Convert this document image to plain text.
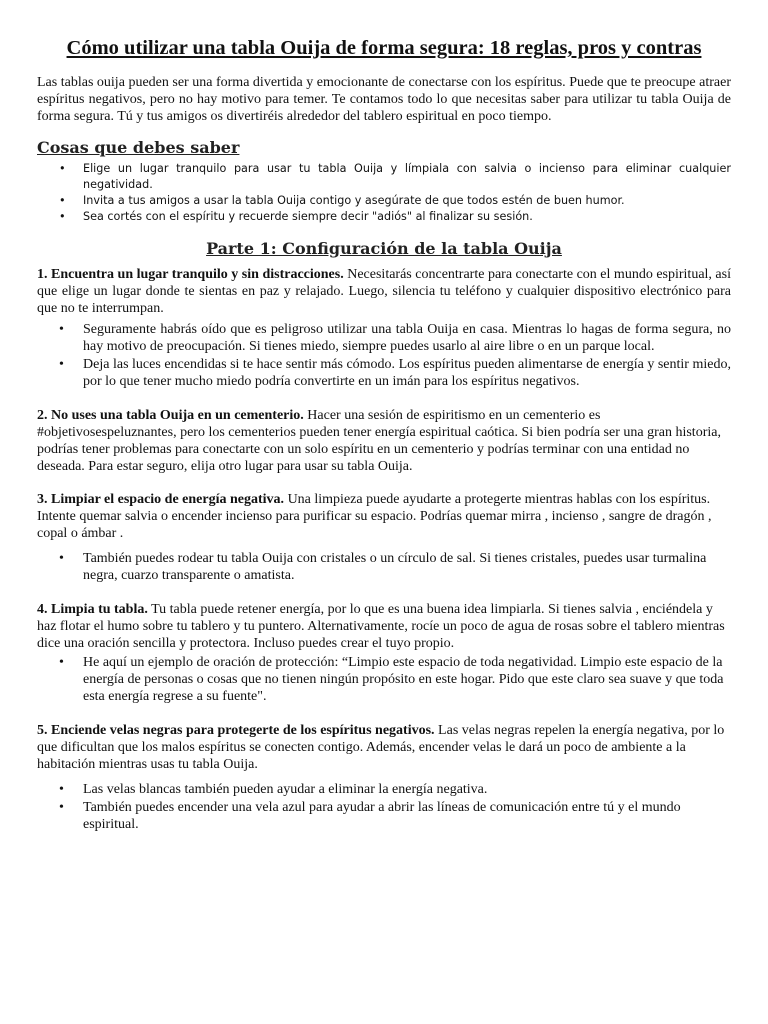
Cómo utilizar una tabla Ouija de forma segura: 18 reglas, pros y contras

Las tablas ouija pueden ser una forma divertida y emocionante de conectarse con los espíritus. Puede que te preocupe atraer espíritus negativos, pero no hay motivo para temer. Te contamos todo lo que necesitas saber para utilizar tu tabla Ouija de forma segura. Tú y tus amigos os divertiréis alrededor del tablero espiritual en poco tiempo.

Cosas que debes saber
• Elige un lugar tranquilo para usar tu tabla Ouija y límpiala con salvia o incienso para eliminar cualquier negatividad.
• Invita a tus amigos a usar la tabla Ouija contigo y asegúrate de que todos estén de buen humor.
• Sea cortés con el espíritu y recuerde siempre decir "adiós" al finalizar su sesión.
Parte 1: Configuración de la tabla Ouija

1. Encuentra un lugar tranquilo y sin distracciones. Necesitarás concentrarte para conectarte con el mundo espiritual, así que elige un lugar donde te sientas en paz y relajado. Luego, silencia tu teléfono y cualquier dispositivo electrónico para que no te interrumpan.

• Seguramente habrás oído que es peligroso utilizar una tabla Ouija en casa. Mientras lo hagas de forma segura, no hay motivo de preocupación. Si tienes miedo, siempre puedes usarlo al aire libre o en un parque local.
• Deja las luces encendidas si te hace sentir más cómodo. Los espíritus pueden alimentarse de energía y sentir miedo, por lo que tener mucho miedo podría convertirte en un imán para los espíritus negativos.

2. No uses una tabla Ouija en un cementerio. Hacer una sesión de espiritismo en un cementerio es #objetivosespeluznantes, pero los cementerios pueden tener energía espiritual caótica. Si bien podría ser una gran historia, podrías tener problemas para conectarte con un solo espíritu en un cementerio y podrías terminar con una entidad no deseada. Para estar seguro, elija otro lugar para usar su tabla Ouija.

3. Limpiar el espacio de energía negativa. Una limpieza puede ayudarte a protegerte mientras hablas con los espíritus. Intente quemar salvia o encender incienso para purificar su espacio. Podrías quemar mirra , incienso , sangre de dragón , copal o ámbar .

• También puedes rodear tu tabla Ouija con cristales o un círculo de sal. Si tienes cristales, puedes usar turmalina negra, cuarzo transparente o amatista.

4. Limpia tu tabla. Tu tabla puede retener energía, por lo que es una buena idea limpiarla. Si tienes salvia , enciéndela y haz flotar el humo sobre tu tablero y tu puntero. Alternativamente, rocíe un poco de agua de rosas sobre el tablero mientras dice una oración sencilla y protectora. Incluso puedes crear el tuyo propio.

• He aquí un ejemplo de oración de protección: “Limpio este espacio de toda negatividad. Limpio este espacio de la energía de personas o cosas que no tienen ningún propósito en este hogar. Pido que este claro sea suave y que toda esta energía regrese a su fuente".

5. Enciende velas negras para protegerte de los espíritus negativos. Las velas negras repelen la energía negativa, por lo que dificultan que los malos espíritus se conecten contigo. Además, encender velas le dará un poco de ambiente a la habitación mientras usas tu tabla Ouija.

• Las velas blancas también pueden ayudar a eliminar la energía negativa.
• También puedes encender una vela azul para ayudar a abrir las líneas de comunicación entre tú y el mundo espiritual.
